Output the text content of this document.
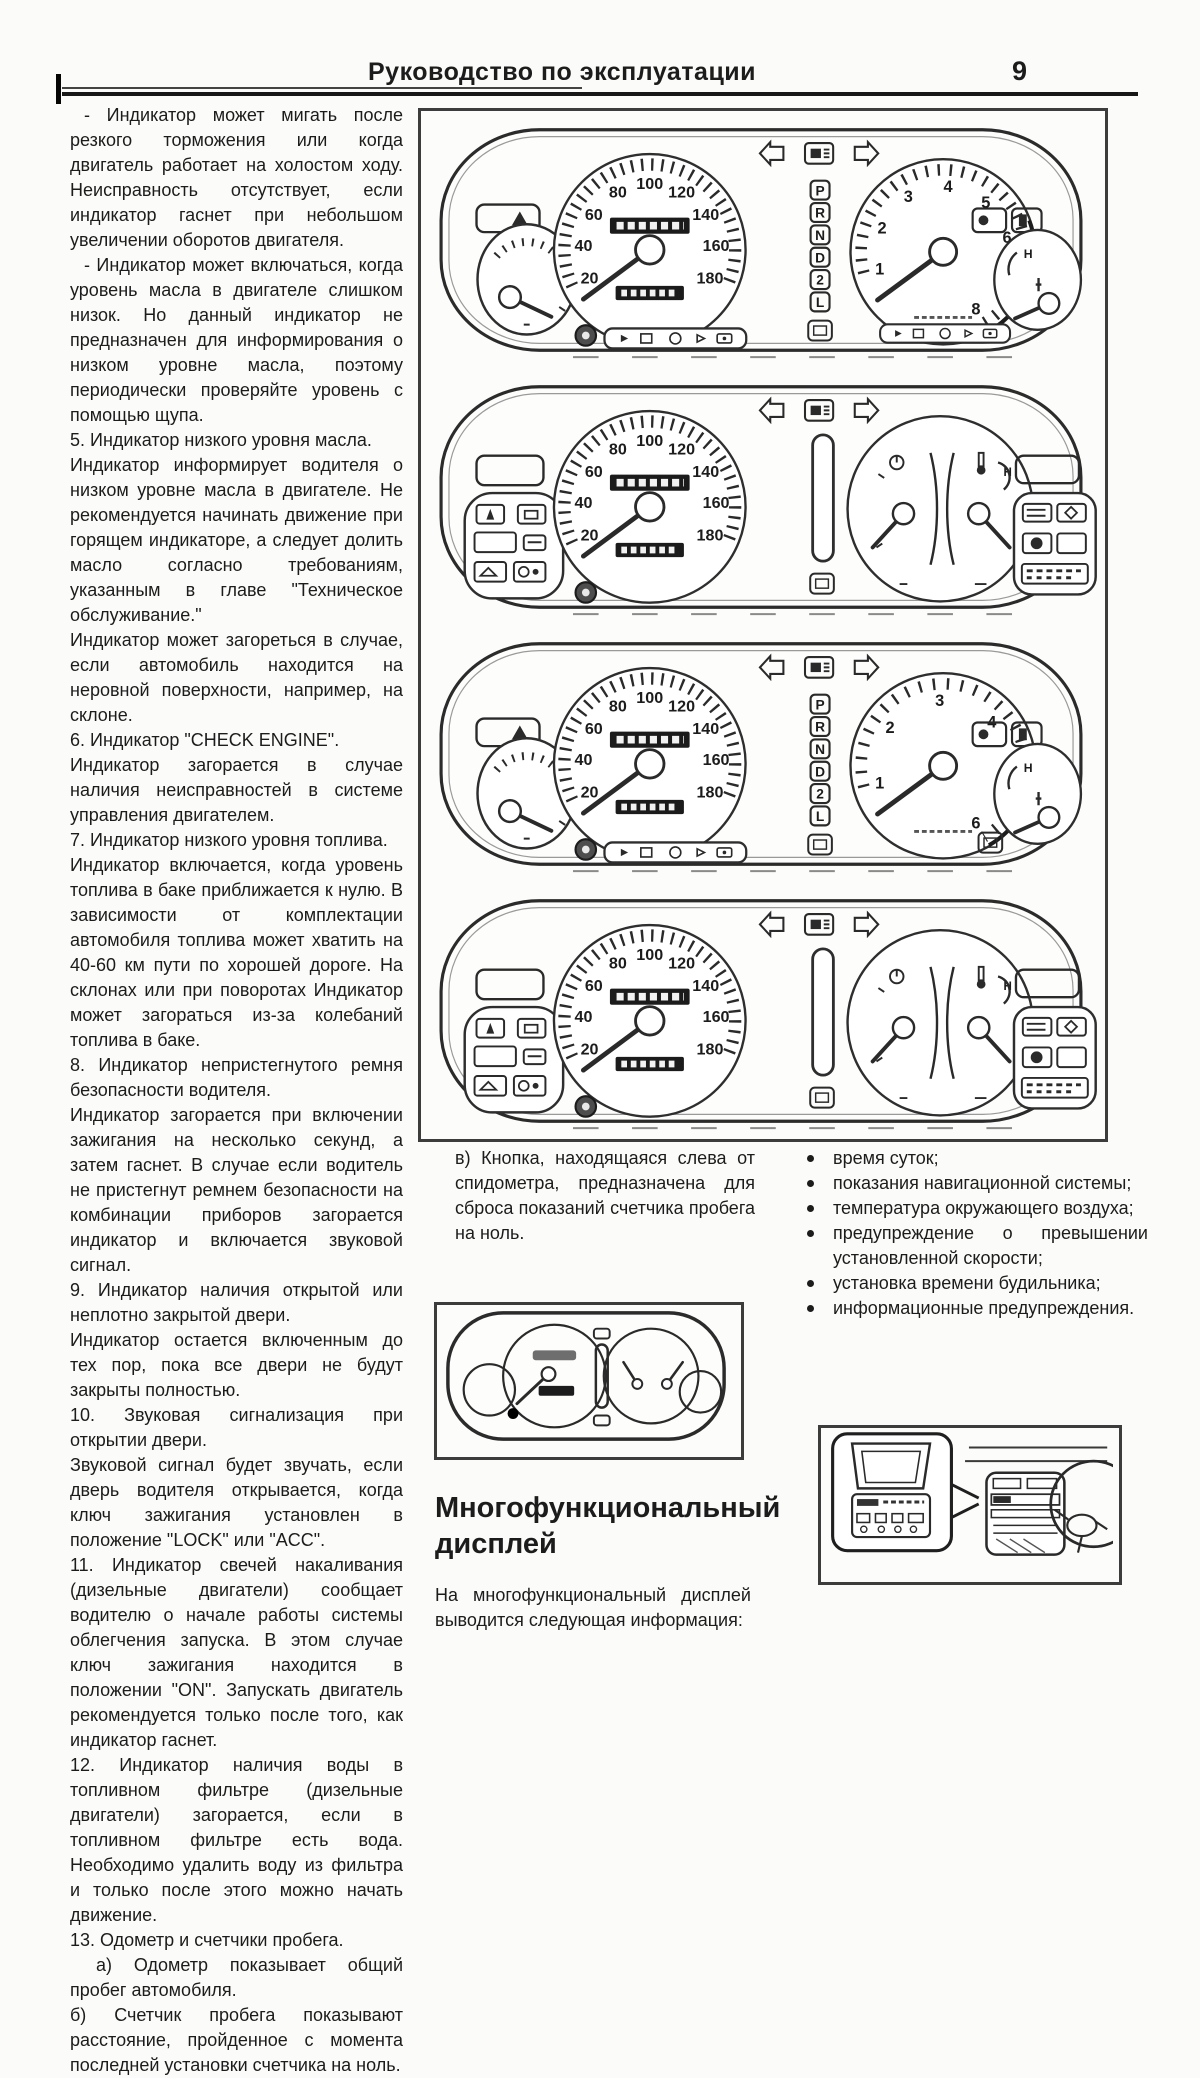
Руководство по эксплуатации	9

- Индикатор может мигать после резкого торможения или когда двигатель работает на холостом ходу. Неисправность отсутствует, если индикатор гаснет при небольшом увеличении оборотов двигателя.

- Индикатор может включаться, когда уровень масла в двигателе слишком низок. Но данный индикатор не предназначен для информирования о низком уровне масла, поэтому периодически проверяйте уровень с помощью щупа.

5. Индикатор низкого уровня масла.

Индикатор информирует водителя о низком уровне масла в двигателе. Не рекомендуется начинать движение при горящем индикаторе, а следует долить масло согласно требованиям, указанным в главе "Техническое обслуживание."

Индикатор может загореться в случае, если автомобиль находится на неровной поверхности, например, на склоне.

6. Индикатор "CHECK ENGINE".

Индикатор загорается в случае наличия неисправностей в системе управления двигателем.

7. Индикатор низкого уровня топлива.

Индикатор включается, когда уровень топлива в баке приближается к нулю. В зависимости от комплектации автомобиля топлива может хватить на 40-60 км пути по хорошей дороге. На склонах или при поворотах Индикатор может загораться из-за колебаний топлива в баке.

8. Индикатор непристегнутого ремня безопасности водителя.

Индикатор загорается при включении зажигания на несколько секунд, а затем гаснет. В случае если водитель не пристегнут ремнем безопасности на комбинации приборов загорается индикатор и включается звуковой сигнал.

9. Индикатор наличия открытой или неплотно закрытой двери.

Индикатор остается включенным до тех пор, пока все двери не будут закрыты полностью.

10. Звуковая сигнализация при открытии двери.

Звуковой сигнал будет звучать, если дверь водителя открывается, когда ключ зажигания установлен в положение "LOCK" или "ACC".

11. Индикатор свечей накаливания (дизельные двигатели) сообщает водителю о начале работы системы облегчения запуска. В этом случае ключ зажигания находится в положении "ON". Запускать двигатель рекомендуется только после того, как индикатор гаснет.

12. Индикатор наличия воды в топливном фильтре (дизельные двигатели) загорается, если в топливном фильтре есть вода. Необходимо удалить воду из фильтра и только после этого можно начать движение.

13. Одометр и счетчики пробега.

а) Одометр показывает общий пробег автомобиля.

б) Счетчик пробега показывают расстояние, пройденное с момента последней установки счетчика на ноль.

в) Кнопка, находящаяся слева от спидометра, предназначена для сброса показаний счетчика пробега на ноль.
время суток;
показания навигационной системы;
температура окружающего воздуха;
предупреждение о превышении установленной скорости;
установка времени будильника;
информационные предупреждения.
Многофункциональный дисплей
На многофункциональный дисплей выводится следующая информация:
